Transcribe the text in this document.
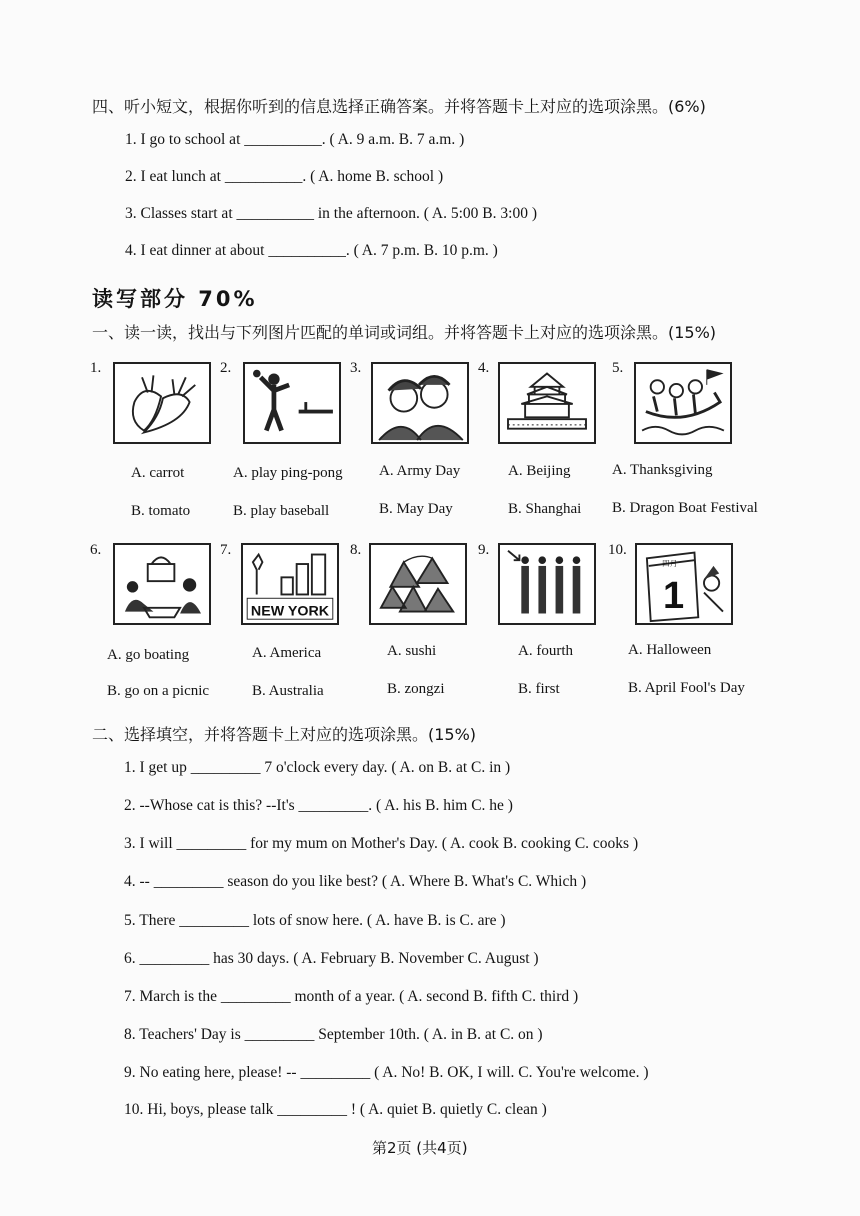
四、听小短文，根据你听到的信息选择正确答案。并将答题卡上对应的选项涂黑。(6%)
1. I go to school at __________. ( A. 9 a.m. B. 7 a.m. )
2. I eat lunch at __________. ( A. home B. school )
3. Classes start at __________ in the afternoon. ( A. 5:00 B. 3:00 )
4. I eat dinner at about __________. ( A. 7 p.m. B. 10 p.m. )
读写部分 70%
一、读一读，找出与下列图片匹配的单词或词组。并将答题卡上对应的选项涂黑。(15%)
1.	2.	3.	4.	5.
A. carrot
B. tomato
A. play ping-pong
B. play baseball
A. Army Day
B. May Day
A. Beijing
B. Shanghai
A. Thanksgiving
B. Dragon Boat Festival
6.	7.	8.	9.	10.
NEW YORK
四月
1
A. go boating
B. go on a picnic
A. America
B. Australia
A. sushi
B. zongzi
A. fourth
B. first
A. Halloween
B. April Fool's Day
二、选择填空，并将答题卡上对应的选项涂黑。(15%)
1. I get up _________ 7 o'clock every day. ( A. on B. at C. in )
2. --Whose cat is this? --It's _________. ( A. his B. him C. he )
3. I will _________ for my mum on Mother's Day. ( A. cook B. cooking C. cooks )
4. -- _________ season do you like best? ( A. Where B. What's C. Which )
5. There _________ lots of snow here. ( A. have B. is C. are )
6. _________ has 30 days. ( A. February B. November C. August )
7. March is the _________ month of a year. ( A. second B. fifth C. third )
8. Teachers' Day is _________ September 10th. ( A. in B. at C. on )
9. No eating here, please! -- _________ ( A. No! B. OK, I will. C. You're welcome. )
10. Hi, boys, please talk _________ ! ( A. quiet B. quietly C. clean )
第2页 (共4页)
